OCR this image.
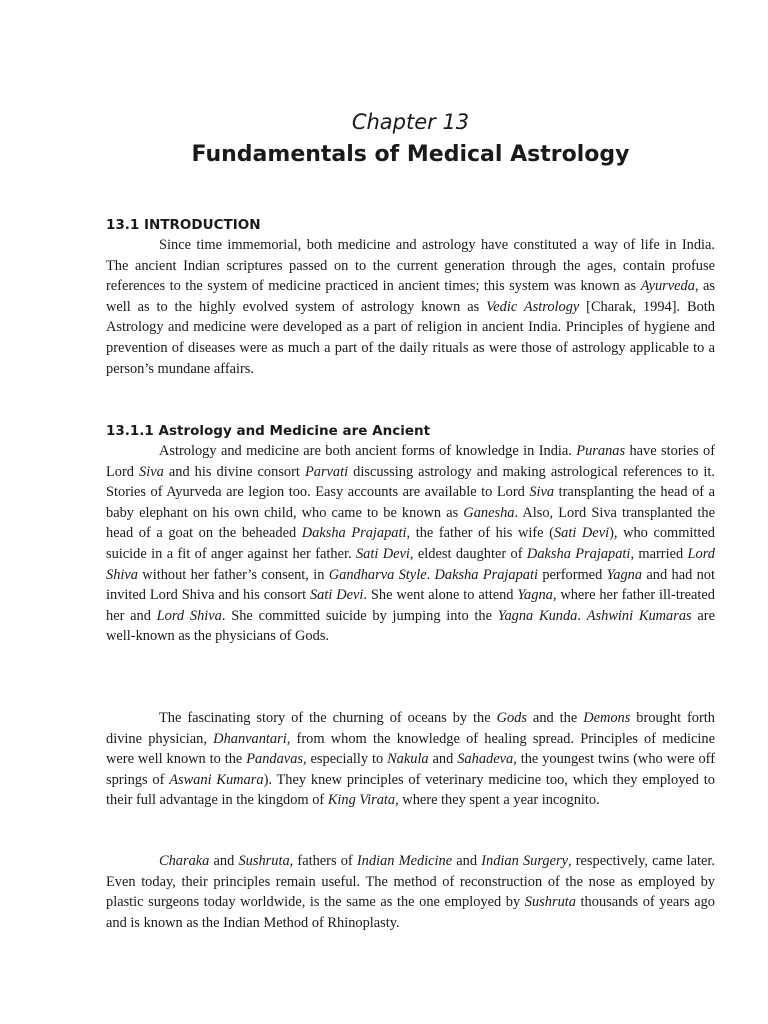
Chapter 13
Fundamentals of Medical Astrology
13.1 INTRODUCTION

Since time immemorial, both medicine and astrology have constituted a way of life in India. The ancient Indian scriptures passed on to the current generation through the ages, contain profuse references to the system of medicine practiced in ancient times; this system was known as Ayurveda, as well as to the highly evolved system of astrology known as Vedic Astrology [Charak, 1994]. Both Astrology and medicine were developed as a part of religion in ancient India. Principles of hygiene and prevention of diseases were as much a part of the daily rituals as were those of astrology applicable to a person’s mundane affairs.

13.1.1 Astrology and Medicine are Ancient

Astrology and medicine are both ancient forms of knowledge in India. Puranas have stories of Lord Siva and his divine consort Parvati discussing astrology and making astrological references to it. Stories of Ayurveda are legion too. Easy accounts are available to Lord Siva transplanting the head of a baby elephant on his own child, who came to be known as Ganesha. Also, Lord Siva transplanted the head of a goat on the beheaded Daksha Prajapati, the father of his wife (Sati Devi), who committed suicide in a fit of anger against her father. Sati Devi, eldest daughter of Daksha Prajapati, married Lord Shiva without her father’s consent, in Gandharva Style. Daksha Prajapati performed Yagna and had not invited Lord Shiva and his consort Sati Devi. She went alone to attend Yagna, where her father ill-treated her and Lord Shiva. She committed suicide by jumping into the Yagna Kunda. Ashwini Kumaras are well-known as the physicians of Gods.

The fascinating story of the churning of oceans by the Gods and the Demons brought forth divine physician, Dhanvantari, from whom the knowledge of healing spread. Principles of medicine were well known to the Pandavas, especially to Nakula and Sahadeva, the youngest twins (who were off springs of Aswani Kumara). They knew principles of veterinary medicine too, which they employed to their full advantage in the kingdom of King Virata, where they spent a year incognito.

Charaka and Sushruta, fathers of Indian Medicine and Indian Surgery, respectively, came later. Even today, their principles remain useful. The method of reconstruction of the nose as employed by plastic surgeons today worldwide, is the same as the one employed by Sushruta thousands of years ago and is known as the Indian Method of Rhinoplasty.
